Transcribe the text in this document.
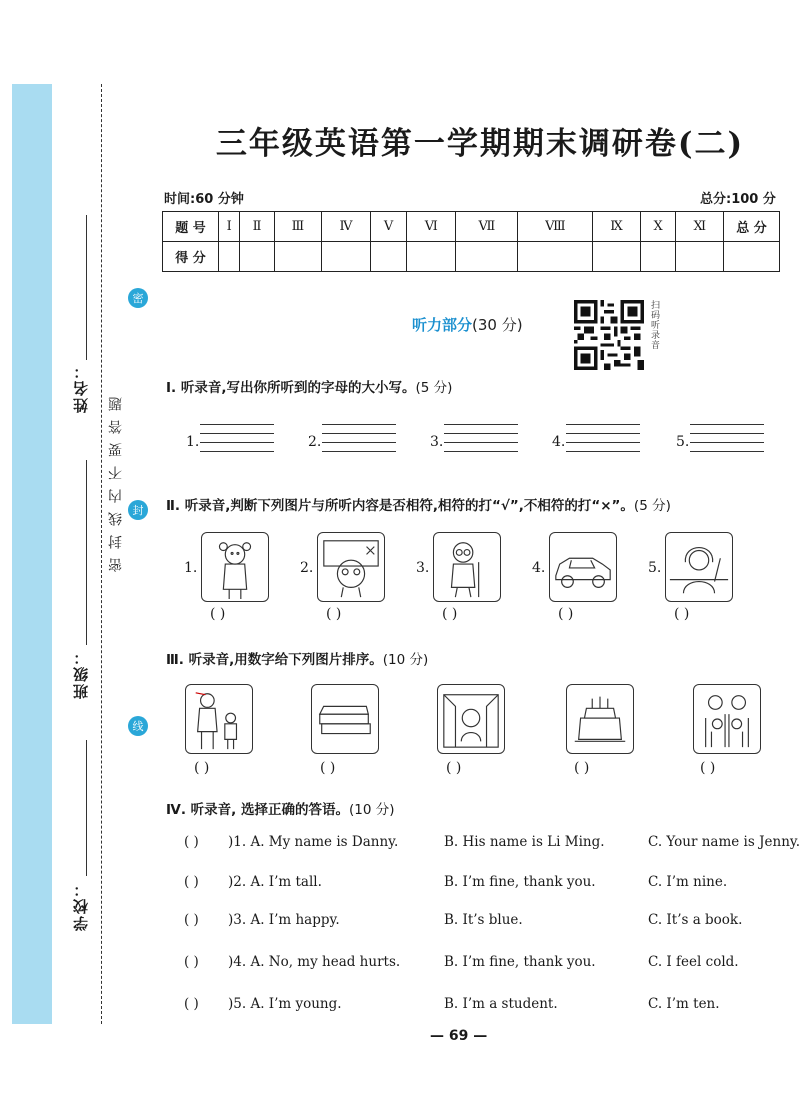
姓名：
班级：
学校：
密
封
线
密封线内不要答题
三年级英语第一学期期末调研卷(二)
时间:60 分钟	总分:100 分
题 号	Ⅰ	Ⅱ	Ⅲ	Ⅳ	Ⅴ	Ⅵ	Ⅶ	Ⅷ	Ⅸ	Ⅹ	Ⅺ	总 分
得 分												
听力部分(30 分)	扫码听录音
Ⅰ. 听录音,写出你所听到的字母的大小写。(5 分)
1.	2.	3.	4.	5.
Ⅱ. 听录音,判断下列图片与所听内容是否相符,相符的打“√”,不相符的打“×”。(5 分)
1.
( )
2.
( )
3.
( )
4.
( )
5.
( )
Ⅲ. 听录音,用数字给下列图片排序。(10 分)
( )	( )	( )	( )	( )
Ⅳ. 听录音, 选择正确的答语。(10 分)
( ) )1. A. My name is Danny.	B. His name is Li Ming.	C. Your name is Jenny.
( ) )2. A. I’m tall.	B. I’m fine, thank you.	C. I’m nine.
( ) )3. A. I’m happy.	B. It’s blue.	C. It’s a book.
( ) )4. A. No, my head hurts.	B. I’m fine, thank you.	C. I feel cold.
( ) )5. A. I’m young.	B. I’m a student.	C. I’m ten.
— 69 —
